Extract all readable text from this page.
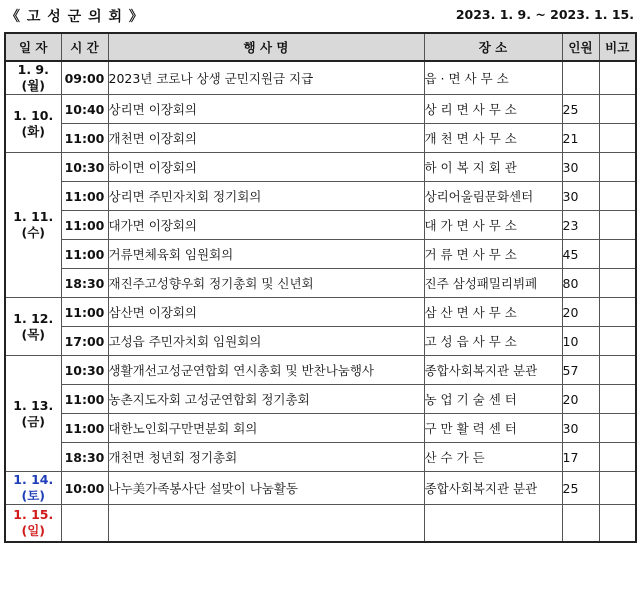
《 고 성 군 의 회 》	2023. 1. 9. ~ 2023. 1. 15.
일 자	시 간	행 사 명	장 소	인원	비고

1. 9.
(월)	09:00	2023년 코로나 상생 군민지원금 지급	읍 · 면 사 무 소		

1. 10.
(화)	10:40	상리면 이장회의	상 리 면 사 무 소	25	
	11:00	개천면 이장회의	개 천 면 사 무 소	21	

1. 11.
(수)	10:30	하이면 이장회의	하 이 복 지 회 관	30	
	11:00	상리면 주민자치회 정기회의	상리어울림문화센터	30	
	11:00	대가면 이장회의	대 가 면 사 무 소	23	
	11:00	거류면체육회 임원회의	거 류 면 사 무 소	45	
	18:30	재진주고성향우회 정기총회 및 신년회	진주 삼성패밀리뷔페	80	

1. 12.
(목)	11:00	삼산면 이장회의	삼 산 면 사 무 소	20	
	17:00	고성읍 주민자치회 임원회의	고 성 읍 사 무 소	10	

1. 13.
(금)	10:30	생활개선고성군연합회 연시총회 및 반찬나눔행사	종합사회복지관 분관	57	
	11:00	농촌지도자회 고성군연합회 정기총회	농 업 기 술 센 터	20	
	11:00	대한노인회구만면분회 회의	구 만 활 력 센 터	30	
	18:30	개천면 청년회 정기총회	산 수 가 든	17	

1. 14.
(토)	10:00	나누美가족봉사단 설맞이 나눔활동	종합사회복지관 분관	25	

1. 15.
(일)					
